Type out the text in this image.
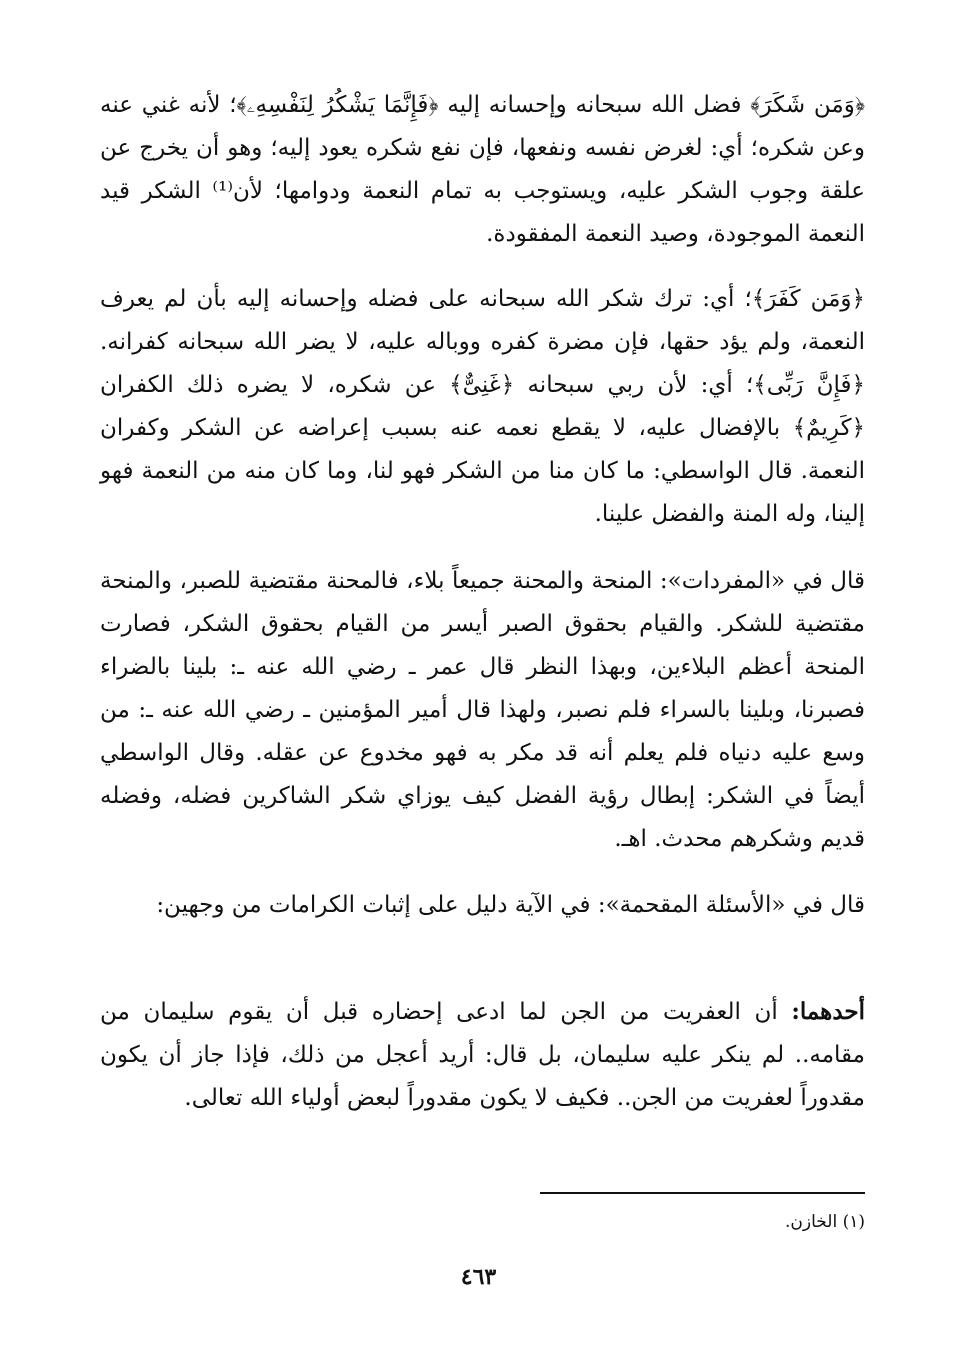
﴿وَمَن شَكَرَ﴾ فضل الله سبحانه وإحسانه إليه ﴿فَإِنَّمَا يَشْكُرُ لِنَفْسِهِۦ﴾؛ لأنه غني عنه وعن شكره؛ أي: لغرض نفسه ونفعها، فإن نفع شكره يعود إليه؛ وهو أن يخرج عن علقة وجوب الشكر عليه، ويستوجب به تمام النعمة ودوامها؛ لأن⁽¹⁾ الشكر قيد النعمة الموجودة، وصيد النعمة المفقودة.

﴿وَمَن كَفَرَ﴾؛ أي: ترك شكر الله سبحانه على فضله وإحسانه إليه بأن لم يعرف النعمة، ولم يؤد حقها، فإن مضرة كفره ووباله عليه، لا يضر الله سبحانه كفرانه. ﴿فَإِنَّ رَبِّى﴾؛ أي: لأن ربي سبحانه ﴿غَنِىٌّ﴾ عن شكره، لا يضره ذلك الكفران ﴿كَرِيمٌ﴾ بالإفضال عليه، لا يقطع نعمه عنه بسبب إعراضه عن الشكر وكفران النعمة. قال الواسطي: ما كان منا من الشكر فهو لنا، وما كان منه من النعمة فهو إلينا، وله المنة والفضل علينا.

قال في «المفردات»: المنحة والمحنة جميعاً بلاء، فالمحنة مقتضية للصبر، والمنحة مقتضية للشكر. والقيام بحقوق الصبر أيسر من القيام بحقوق الشكر، فصارت المنحة أعظم البلاءين، وبهذا النظر قال عمر ـ رضي الله عنه ـ: بلينا بالضراء فصبرنا، وبلينا بالسراء فلم نصبر، ولهذا قال أمير المؤمنين ـ رضي الله عنه ـ: من وسع عليه دنياه فلم يعلم أنه قد مكر به فهو مخدوع عن عقله. وقال الواسطي أيضاً في الشكر: إبطال رؤية الفضل كيف يوزاي شكر الشاكرين فضله، وفضله قديم وشكرهم محدث. اهـ.

قال في «الأسئلة المقحمة»: في الآية دليل على إثبات الكرامات من وجهين:

أحدهما: أن العفريت من الجن لما ادعى إحضاره قبل أن يقوم سليمان من مقامه.. لم ينكر عليه سليمان، بل قال: أريد أعجل من ذلك، فإذا جاز أن يكون مقدوراً لعفريت من الجن.. فكيف لا يكون مقدوراً لبعض أولياء الله تعالى.

(١) الخازن.
٤٦٣
